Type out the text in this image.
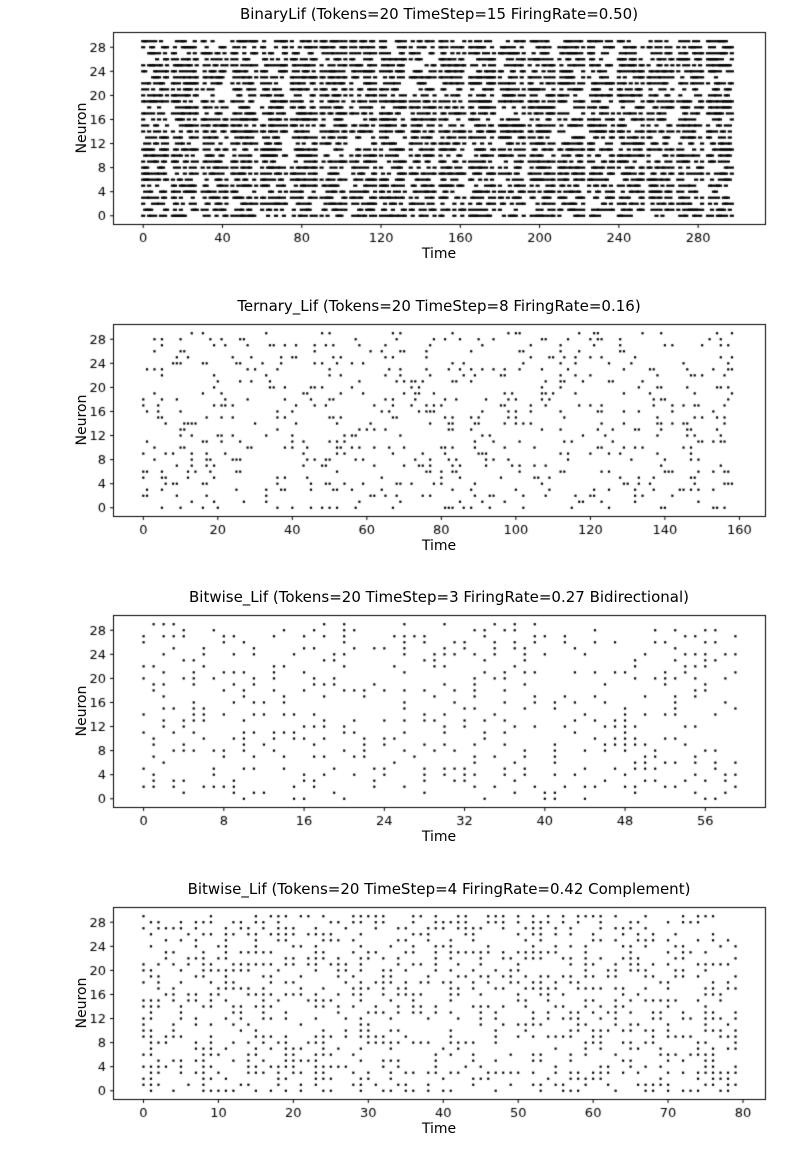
BinaryLif (Tokens=20 TimeStep=15 FiringRate=0.50)
Neuron
Time
Ternary_Lif (Tokens=20 TimeStep=8 FiringRate=0.16)
Neuron
Time
Bitwise_Lif (Tokens=20 TimeStep=3 FiringRate=0.27 Bidirectional)
Neuron
Time
Bitwise_Lif (Tokens=20 TimeStep=4 FiringRate=0.42 Complement)
Neuron
Time
